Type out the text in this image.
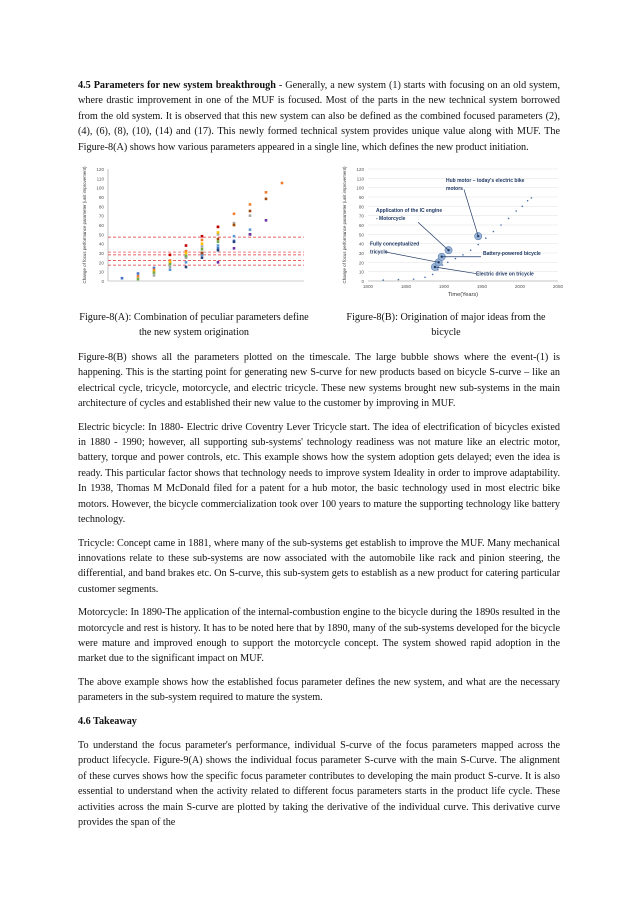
4.5 Parameters for new system breakthrough - Generally, a new system (1) starts with focusing on an old system, where drastic improvement in one of the MUF is focused. Most of the parts in the new technical system borrowed from the old system. It is observed that this new system can also be defined as the combined focused parameters (2), (4), (6), (8), (10), (14) and (17). This newly formed technical system provides unique value along with MUF. The Figure-8(A) shows how various parameters appeared in a single line, which defines the new product initiation.

0
10
20
30
40
50
60
70
80
90
100
110
120
Change of focus performance parameter (unit improvement)	0
10
20
30
40
50
60
70
80
90
100
110
120
1800	1850	1900	1950	2000	2050
Time(Years)
Change of focus performance parameter (unit improvement)	Hub motor – today's electric bike
motors
Application of the IC engine
- Motorcycle
Fully conceptualized
tricycle	Battery-powered bicycle
Electric drive on tricycle
Figure-8(A): Combination of peculiar parameters define the new system origination
Figure-8(B): Origination of major ideas from the bicycle

Figure-8(B) shows all the parameters plotted on the timescale. The large bubble shows where the event-(1) is happening. This is the starting point for generating new S-curve for new products based on bicycle S-curve – like an electrical cycle, tricycle, motorcycle, and electric tricycle. These new systems brought new sub-systems in the main architecture of cycles and established their new value to the customer by improving in MUF.

Electric bicycle: In 1880- Electric drive Coventry Lever Tricycle start. The idea of electrification of bicycles existed in 1880 - 1990; however, all supporting sub-systems' technology readiness was not mature like an electric motor, battery, torque and power controls, etc. This example shows how the system adoption gets delayed; even the idea is ready. This particular factor shows that technology needs to improve system Ideality in order to improve adaptability. In 1938, Thomas M McDonald filed for a patent for a hub motor, the basic technology used in most electric bike motors. However, the bicycle commercialization took over 100 years to mature the supporting technology like battery technology.

Tricycle: Concept came in 1881, where many of the sub-systems get establish to improve the MUF. Many mechanical innovations relate to these sub-systems are now associated with the automobile like rack and pinion steering, the differential, and band brakes etc. On S-curve, this sub-system gets to establish as a new product for catering particular customer segments.

Motorcycle: In 1890-The application of the internal-combustion engine to the bicycle during the 1890s resulted in the motorcycle and rest is history. It has to be noted here that by 1890, many of the sub-systems developed for the bicycle were mature and improved enough to support the motorcycle concept. The system showed rapid adoption in the market due to the significant impact on MUF.

The above example shows how the established focus parameter defines the new system, and what are the necessary parameters in the sub-system required to mature the system.

4.6 Takeaway

To understand the focus parameter's performance, individual S-curve of the focus parameters mapped across the product lifecycle. Figure-9(A) shows the individual focus parameter S-curve with the main S-Curve. The alignment of these curves shows how the specific focus parameter contributes to developing the main product S-curve. It is also essential to understand when the activity related to different focus parameters starts in the product life cycle. These activities across the main S-curve are plotted by taking the derivative of the individual curve. This derivative curve provides the span of the
